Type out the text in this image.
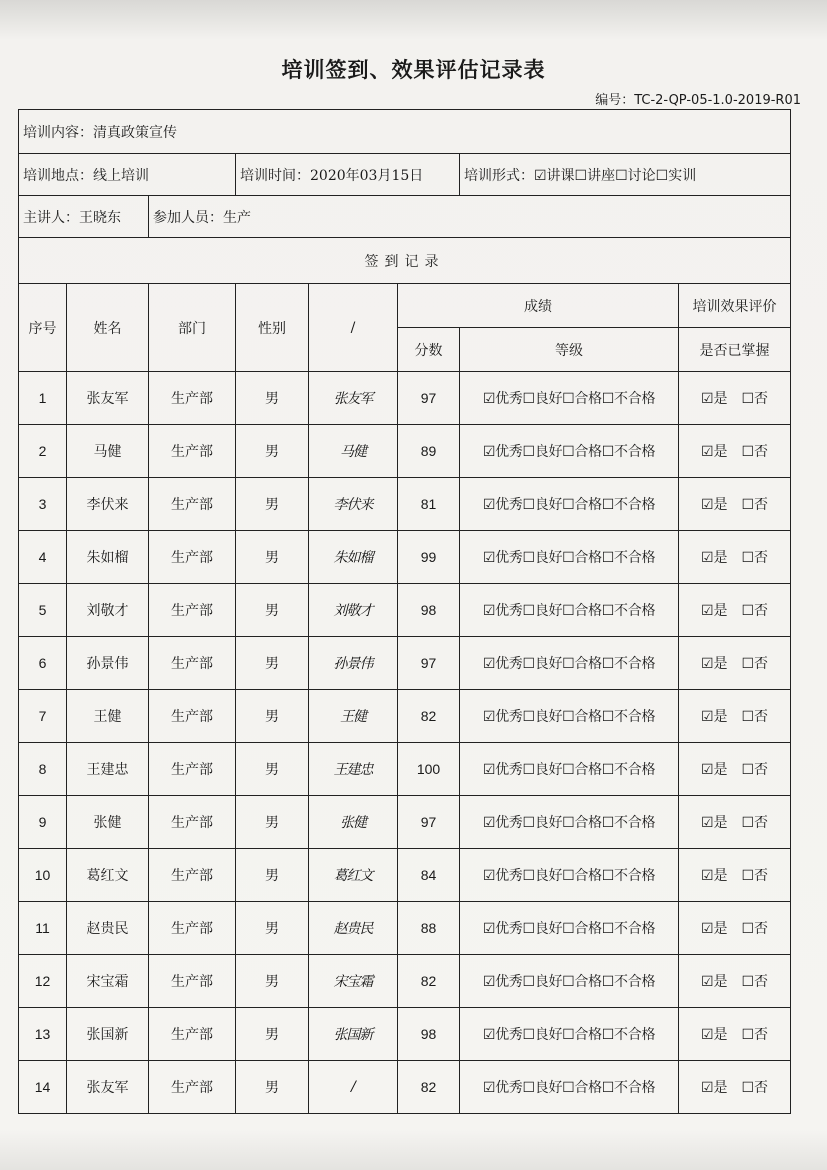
培训签到、效果评估记录表
编号：TC-2-QP-05-1.0-2019-R01
培训内容：清真政策宣传							
培训地点：线上培训			培训时间：2020年03月15日			培训形式：☑讲课☐讲座☐讨论☐实训	
主讲人：王晓东		参加人员：生产					
签到记录							
序号	姓名	部门	性别	/	成绩		培训效果评价
					分数	等级	是否已掌握
1	张友军	生产部	男	张友军	97	☑优秀☐良好☐合格☐不合格	☑是　☐否
2	马健	生产部	男	马健	89	☑优秀☐良好☐合格☐不合格	☑是　☐否
3	李伏来	生产部	男	李伏来	81	☑优秀☐良好☐合格☐不合格	☑是　☐否
4	朱如榴	生产部	男	朱如榴	99	☑优秀☐良好☐合格☐不合格	☑是　☐否
5	刘敬才	生产部	男	刘敬才	98	☑优秀☐良好☐合格☐不合格	☑是　☐否
6	孙景伟	生产部	男	孙景伟	97	☑优秀☐良好☐合格☐不合格	☑是　☐否
7	王健	生产部	男	王健	82	☑优秀☐良好☐合格☐不合格	☑是　☐否
8	王建忠	生产部	男	王建忠	100	☑优秀☐良好☐合格☐不合格	☑是　☐否
9	张健	生产部	男	张健	97	☑优秀☐良好☐合格☐不合格	☑是　☐否
10	葛红文	生产部	男	葛红文	84	☑优秀☐良好☐合格☐不合格	☑是　☐否
11	赵贵民	生产部	男	赵贵民	88	☑优秀☐良好☐合格☐不合格	☑是　☐否
12	宋宝霜	生产部	男	宋宝霜	82	☑优秀☐良好☐合格☐不合格	☑是　☐否
13	张国新	生产部	男	张国新	98	☑优秀☐良好☐合格☐不合格	☑是　☐否
14	张友军	生产部	男	/	82	☑优秀☐良好☐合格☐不合格	☑是　☐否
